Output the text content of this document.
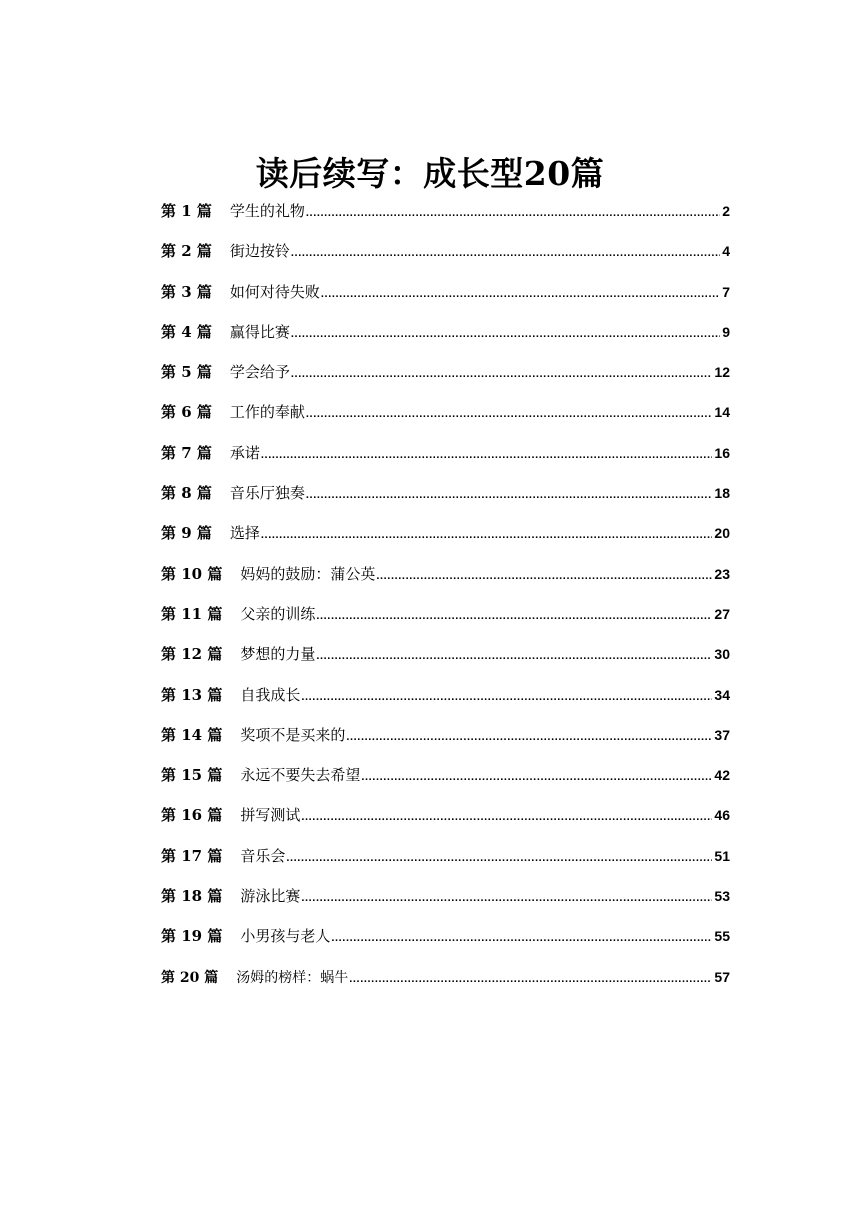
读后续写：成长型20篇
第 1 篇 学生的礼物 .....	2
第 2 篇 街边按铃 .....	4
第 3 篇 如何对待失败 .....	7
第 4 篇 赢得比赛 .....	9
第 5 篇 学会给予 .....	12
第 6 篇 工作的奉献 .....	14
第 7 篇 承诺 .....	16
第 8 篇 音乐厅独奏 .....	18
第 9 篇 选择 .....	20
第 10 篇 妈妈的鼓励：蒲公英 .....	23
第 11 篇 父亲的训练 .....	27
第 12 篇 梦想的力量 .....	30
第 13 篇 自我成长 .....	34
第 14 篇 奖项不是买来的 .....	37
第 15 篇 永远不要失去希望 .....	42
第 16 篇 拼写测试 .....	46
第 17 篇 音乐会 .....	51
第 18 篇 游泳比赛 .....	53
第 19 篇 小男孩与老人 .....	55
第 20 篇 汤姆的榜样：蜗牛 .....	57
